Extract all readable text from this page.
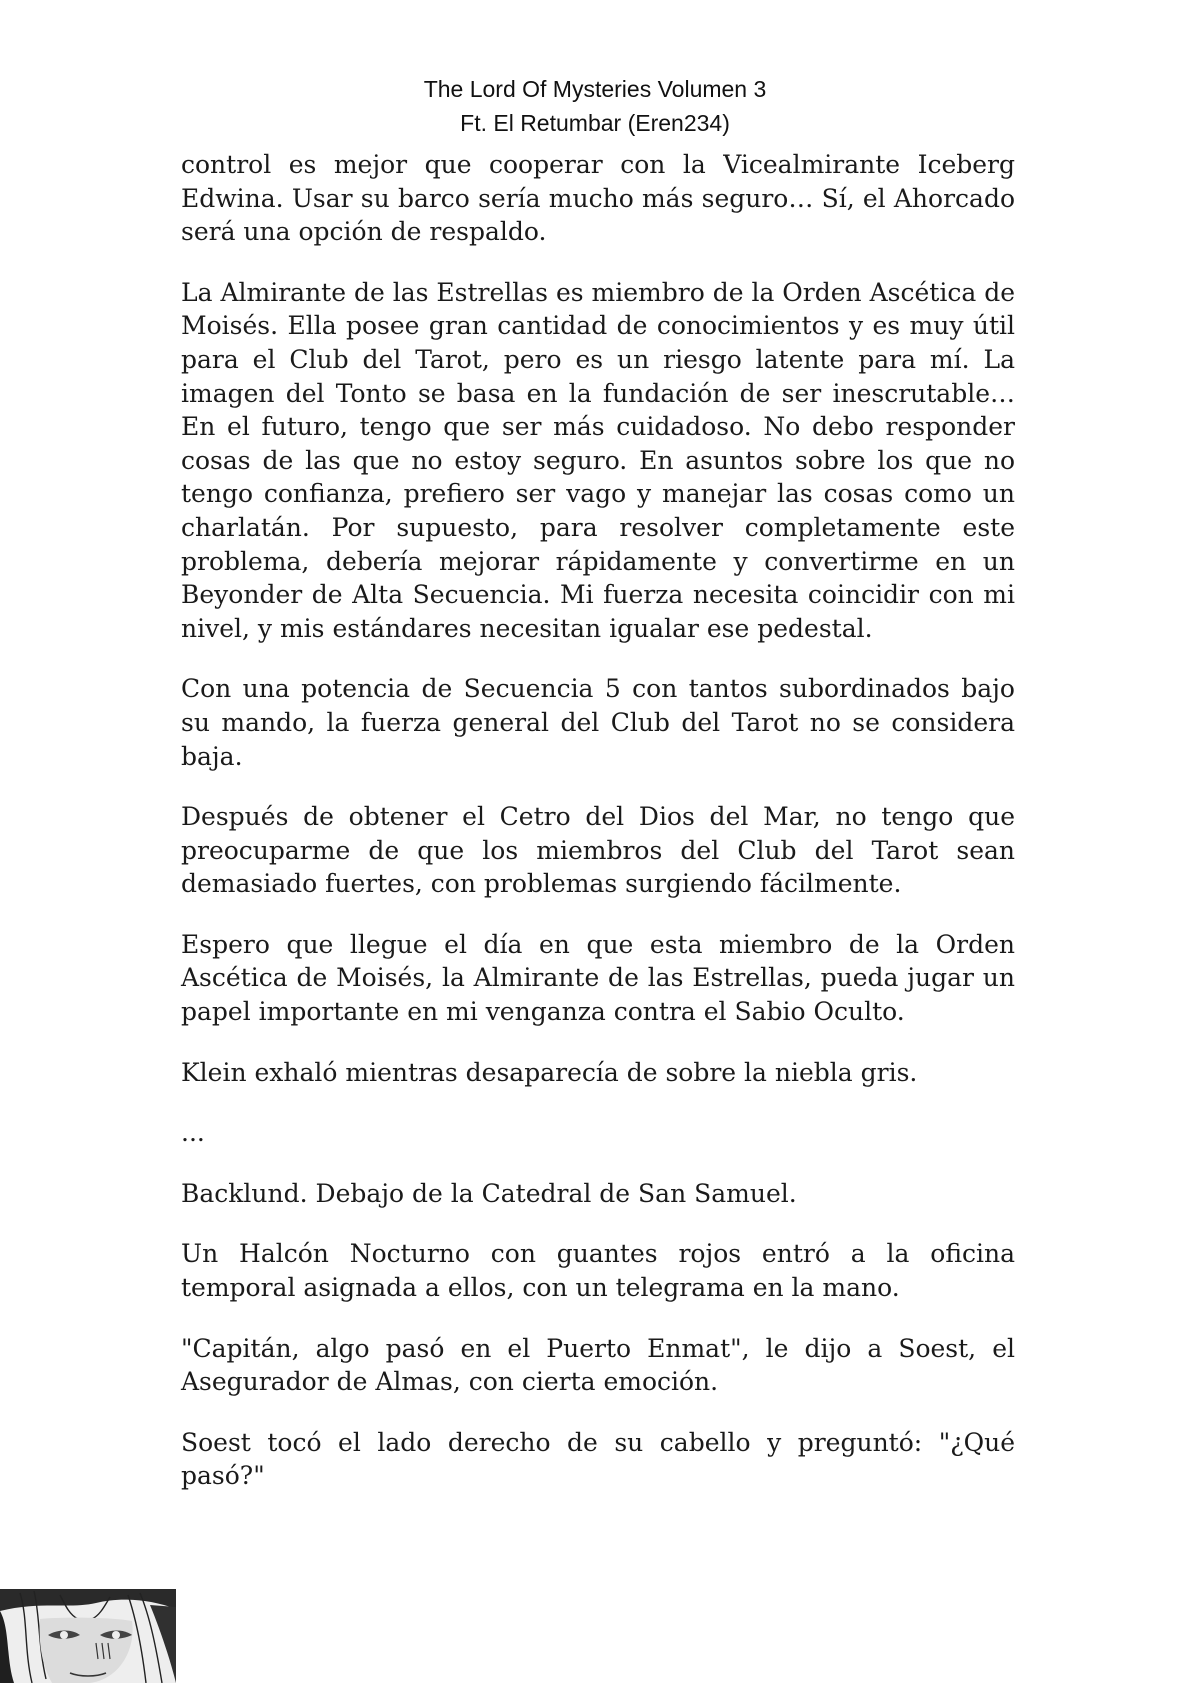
The Lord Of Mysteries Volumen 3
Ft. El Retumbar (Eren234)

control es mejor que cooperar con la Vicealmirante Iceberg Edwina. Usar su barco sería mucho más seguro… Sí, el Ahorcado será una opción de respaldo.

La Almirante de las Estrellas es miembro de la Orden Ascética de Moisés. Ella posee gran cantidad de conocimientos y es muy útil para el Club del Tarot, pero es un riesgo latente para mí. La imagen del Tonto se basa en la fundación de ser inescrutable… En el futuro, tengo que ser más cuidadoso. No debo responder cosas de las que no estoy seguro. En asuntos sobre los que no tengo confianza, prefiero ser vago y manejar las cosas como un charlatán. Por supuesto, para resolver completamente este problema, debería mejorar rápidamente y convertirme en un Beyonder de Alta Secuencia. Mi fuerza necesita coincidir con mi nivel, y mis estándares necesitan igualar ese pedestal.

Con una potencia de Secuencia 5 con tantos subordinados bajo su mando, la fuerza general del Club del Tarot no se considera baja.

Después de obtener el Cetro del Dios del Mar, no tengo que preocuparme de que los miembros del Club del Tarot sean demasiado fuertes, con problemas surgiendo fácilmente.

Espero que llegue el día en que esta miembro de la Orden Ascética de Moisés, la Almirante de las Estrellas, pueda jugar un papel importante en mi venganza contra el Sabio Oculto.

Klein exhaló mientras desaparecía de sobre la niebla gris.

...

Backlund. Debajo de la Catedral de San Samuel.

Un Halcón Nocturno con guantes rojos entró a la oficina temporal asignada a ellos, con un telegrama en la mano.

"Capitán, algo pasó en el Puerto Enmat", le dijo a Soest, el Asegurador de Almas, con cierta emoción.

Soest tocó el lado derecho de su cabello y preguntó: "¿Qué pasó?"
